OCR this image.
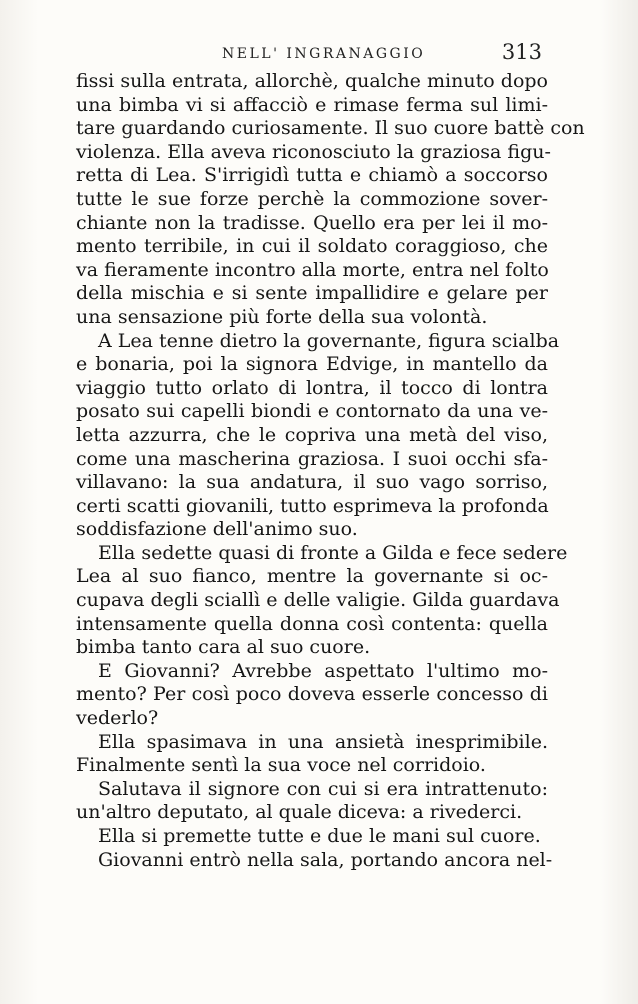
NELL' INGRANAGGIO	313
fissi sulla entrata, allorchè, qualche minuto dopo
una bimba vi si affacciò e rimase ferma sul limi-
tare guardando curiosamente. Il suo cuore battè con
violenza. Ella aveva riconosciuto la graziosa figu-
retta di Lea. S'irrigidì tutta e chiamò a soccorso
tutte le sue forze perchè la commozione sover-
chiante non la tradisse. Quello era per lei il mo-
mento terribile, in cui il soldato coraggioso, che
va fieramente incontro alla morte, entra nel folto
della mischia e si sente impallidire e gelare per
una sensazione più forte della sua volontà.
A Lea tenne dietro la governante, figura scialba
e bonaria, poi la signora Edvige, in mantello da
viaggio tutto orlato di lontra, il tocco di lontra
posato sui capelli biondi e contornato da una ve-
letta azzurra, che le copriva una metà del viso,
come una mascherina graziosa. I suoi occhi sfa-
villavano: la sua andatura, il suo vago sorriso,
certi scatti giovanili, tutto esprimeva la profonda
soddisfazione dell'animo suo.
Ella sedette quasi di fronte a Gilda e fece sedere
Lea al suo fianco, mentre la governante si oc-
cupava degli sciallì e delle valigie. Gilda guardava
intensamente quella donna così contenta: quella
bimba tanto cara al suo cuore.
E Giovanni? Avrebbe aspettato l'ultimo mo-
mento? Per così poco doveva esserle concesso di
vederlo?
Ella spasimava in una ansietà inesprimibile.
Finalmente sentì la sua voce nel corridoio.
Salutava il signore con cui si era intrattenuto:
un'altro deputato, al quale diceva: a rivederci.
Ella si premette tutte e due le mani sul cuore.
Giovanni entrò nella sala, portando ancora nel-
